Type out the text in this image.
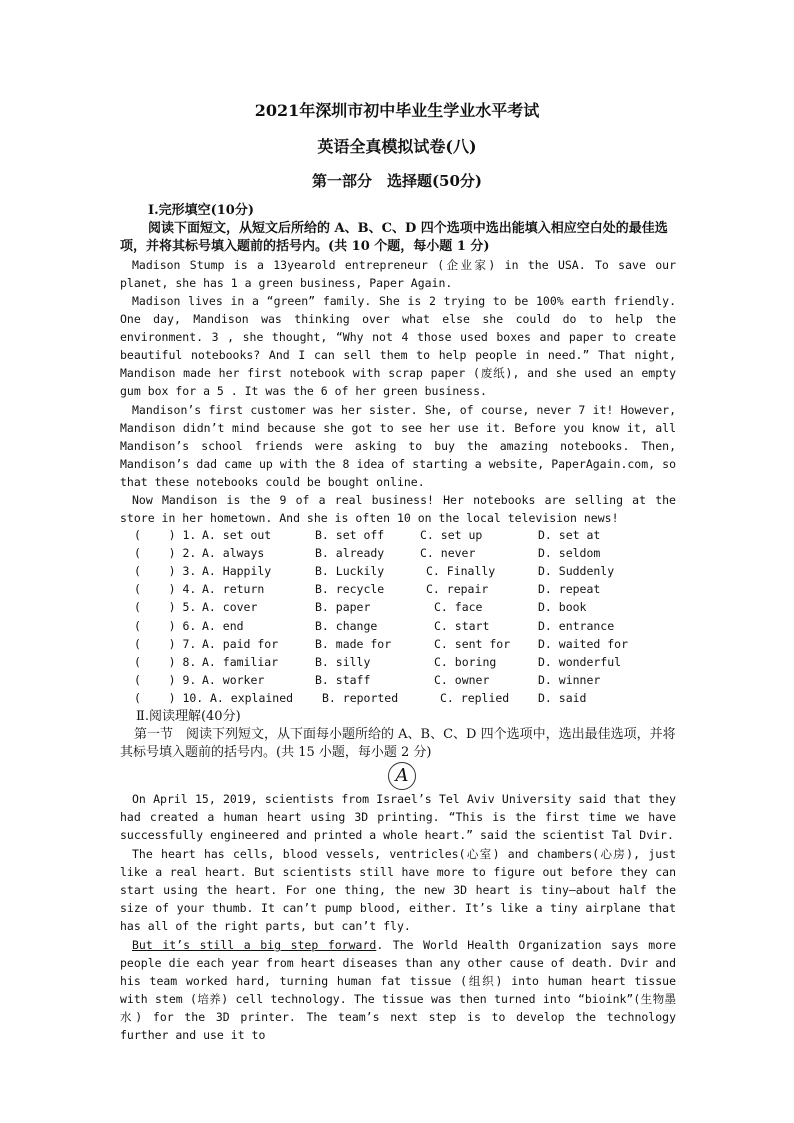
2021年深圳市初中毕业生学业水平考试
英语全真模拟试卷(八)
第一部分　选择题(50分)
Ⅰ.完形填空(10分)
阅读下面短文，从短文后所给的 A、B、C、D 四个选项中选出能填入相应空白处的最佳选项，并将其标号填入题前的括号内。(共 10 个题，每小题 1 分)
Madison Stump is a 13yearold entrepreneur (企业家) in the USA. To save our planet, she has 1 a green business, Paper Again.
Madison lives in a “green” family. She is 2 trying to be 100% earth friendly. One day, Mandison was thinking over what else she could do to help the environment. 3 , she thought, “Why not 4 those used boxes and paper to create beautiful notebooks? And I can sell them to help people in need.” That night, Mandison made her first notebook with scrap paper (废纸), and she used an empty gum box for a 5 . It was the 6 of her green business.
Mandison’s first customer was her sister. She, of course, never 7 it! However, Mandison didn’t mind because she got to see her use it. Before you know it, all Mandison’s school friends were asking to buy the amazing notebooks. Then, Mandison’s dad came up with the 8 idea of starting a website, PaperAgain.com, so that these notebooks could be bought online.
Now Mandison is the 9 of a real business! Her notebooks are selling at the store in her hometown. And she is often 10 on the local television news!
(    ) 1. A. set out	B. set off	C. set up	D. set at
(    ) 2. A. always	B. already	C. never	D. seldom
(    ) 3. A. Happily	B. Luckily	C. Finally	D. Suddenly
(    ) 4. A. return	B. recycle	C. repair	D. repeat
(    ) 5. A. cover	B. paper	C. face	D. book
(    ) 6. A. end	B. change	C. start	D. entrance
(    ) 7. A. paid for	B. made for	C. sent for D. waited for
(    ) 8. A. familiar	B. silly	C. boring	D. wonderful
(    ) 9. A. worker	B. staff	C. owner	D. winner
(    ) 10. A. explained	B. reported	C. replied	D. said
Ⅱ.阅读理解(40分)
第一节　阅读下列短文，从下面每小题所给的 A、B、C、D 四个选项中，选出最佳选项，并将其标号填入题前的括号内。(共 15 小题，每小题 2 分)
A
On April 15, 2019, scientists from Israel’s Tel Aviv University said that they had created a human heart using 3D printing. “This is the first time we have successfully engineered and printed a whole heart.” said the scientist Tal Dvir.
The heart has cells, blood vessels, ventricles(心室) and chambers(心房), just like a real heart. But scientists still have more to figure out before they can start using the heart. For one thing, the new 3D heart is tiny—about half the size of your thumb. It can’t pump blood, either. It’s like a tiny airplane that has all of the right parts, but can’t fly.
But it’s still a big step forward. The World Health Organization says more people die each year from heart diseases than any other cause of death. Dvir and his team worked hard, turning human fat tissue (组织) into human heart tissue with stem (培养) cell technology. The tissue was then turned into “bioink”(生物墨水) for the 3D printer. The team’s next step is to develop the technology further and use it to
